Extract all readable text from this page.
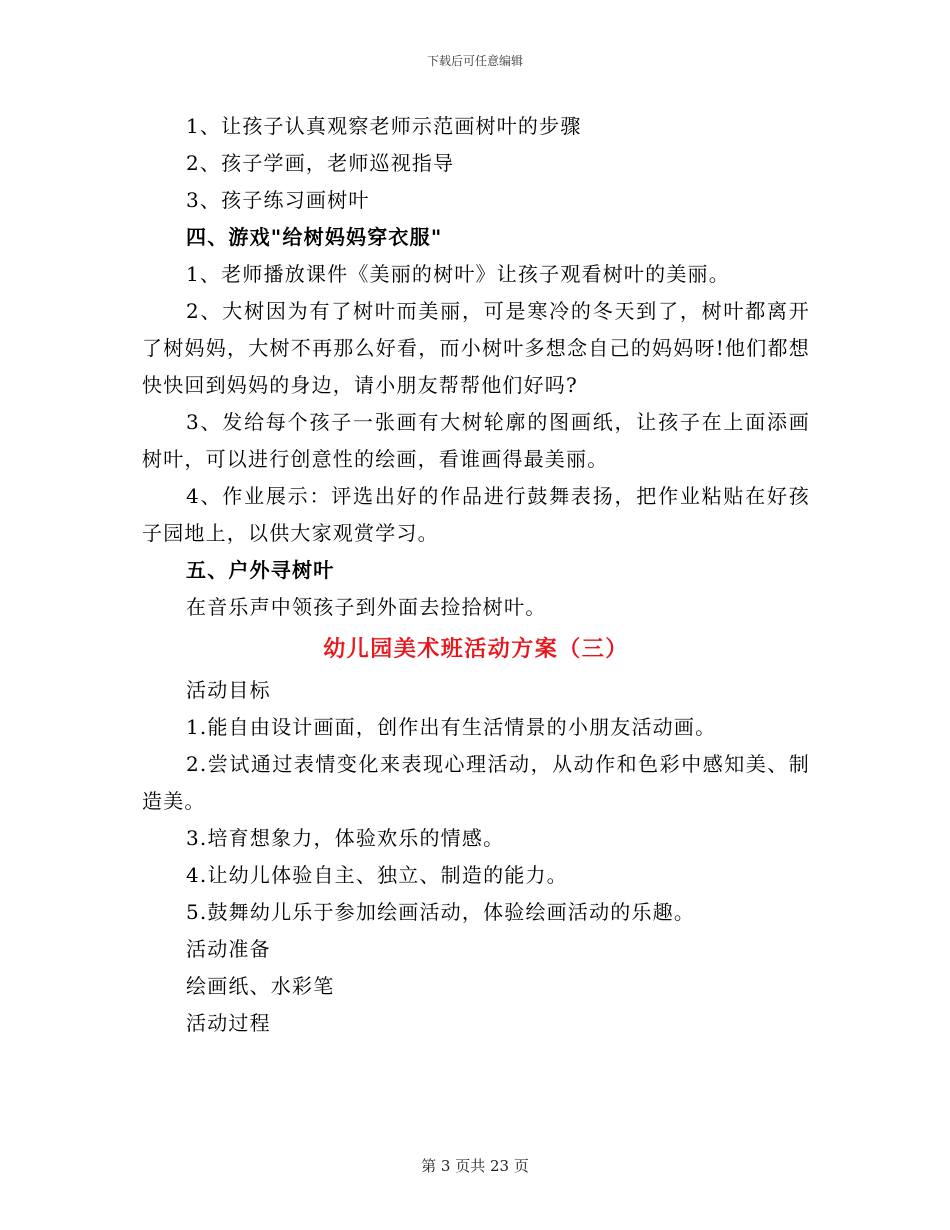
下载后可任意编辑
1、让孩子认真观察老师示范画树叶的步骤
2、孩子学画，老师巡视指导
3、孩子练习画树叶
四、游戏"给树妈妈穿衣服"
1、老师播放课件《美丽的树叶》让孩子观看树叶的美丽。
2、大树因为有了树叶而美丽，可是寒冷的冬天到了，树叶都离开了树妈妈，大树不再那么好看，而小树叶多想念自己的妈妈呀!他们都想快快回到妈妈的身边，请小朋友帮帮他们好吗?
3、发给每个孩子一张画有大树轮廓的图画纸，让孩子在上面添画树叶，可以进行创意性的绘画，看谁画得最美丽。
4、作业展示：评选出好的作品进行鼓舞表扬，把作业粘贴在好孩子园地上，以供大家观赏学习。
五、户外寻树叶
在音乐声中领孩子到外面去捡拾树叶。
幼儿园美术班活动方案（三）
活动目标
1.能自由设计画面，创作出有生活情景的小朋友活动画。
2.尝试通过表情变化来表现心理活动，从动作和色彩中感知美、制造美。
3.培育想象力，体验欢乐的情感。
4.让幼儿体验自主、独立、制造的能力。
5.鼓舞幼儿乐于参加绘画活动，体验绘画活动的乐趣。
活动准备
绘画纸、水彩笔
活动过程
第 3 页共 23 页
